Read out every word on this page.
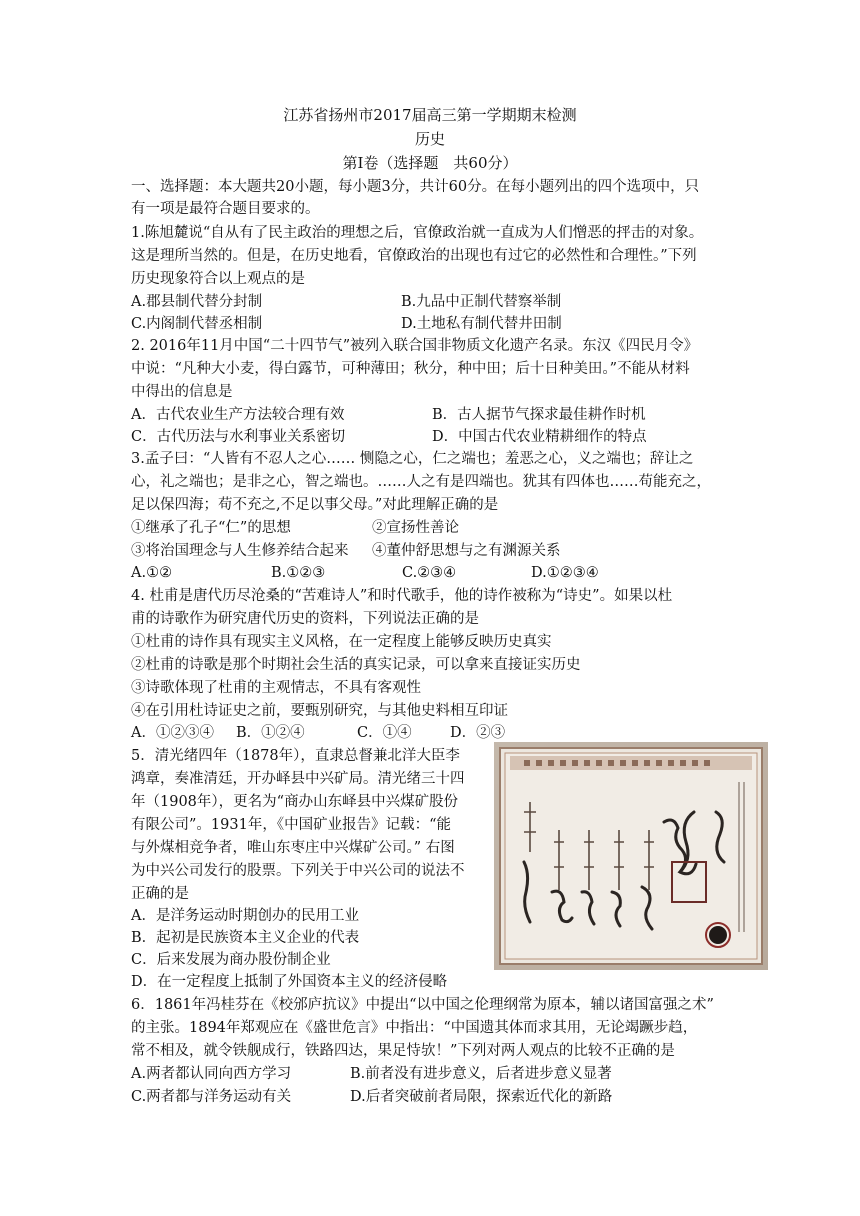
江苏省扬州市2017届高三第一学期期末检测
历史
第Ⅰ卷（选择题　共60分）
一、选择题：本大题共20小题，每小题3分，共计60分。在每小题列出的四个选项中，只
有一项是最符合题目要求的。
1.陈旭麓说“自从有了民主政治的理想之后，官僚政治就一直成为人们憎恶的抨击的对象。
这是理所当然的。但是，在历史地看，官僚政治的出现也有过它的必然性和合理性。”下列
历史现象符合以上观点的是
A.郡县制代替分封制	B.九品中正制代替察举制
C.内阁制代替丞相制	D.土地私有制代替井田制
2. 2016年11月中国“二十四节气”被列入联合国非物质文化遗产名录。东汉《四民月令》
中说：“凡种大小麦，得白露节，可种薄田；秋分，种中田；后十日种美田。”不能从材料
中得出的信息是
A．古代农业生产方法较合理有效	B．古人据节气探求最佳耕作时机
C．古代历法与水利事业关系密切	D．中国古代农业精耕细作的特点
3.孟子曰：“人皆有不忍人之心…… 恻隐之心，仁之端也；羞恶之心，义之端也；辞让之
心，礼之端也；是非之心，智之端也。……人之有是四端也。犹其有四体也……苟能充之，
足以保四海；苟不充之,不足以事父母。”对此理解正确的是
①继承了孔子“仁”的思想	②宣扬性善论
③将治国理念与人生修养结合起来 ④董仲舒思想与之有渊源关系
A.①②	B.①②③	C.②③④	D.①②③④
4. 杜甫是唐代历尽沧桑的“苦难诗人”和时代歌手，他的诗作被称为“诗史”。如果以杜
甫的诗歌作为研究唐代历史的资料，下列说法正确的是
①杜甫的诗作具有现实主义风格，在一定程度上能够反映历史真实
②杜甫的诗歌是那个时期社会生活的真实记录，可以拿来直接证实历史
③诗歌体现了杜甫的主观情志，不具有客观性
④在引用杜诗证史之前，要甄别研究，与其他史料相互印证
A．①②③④ B．①②④	C．①④	D．②③
5．清光绪四年（1878年），直隶总督兼北洋大臣李
鸿章，奏准清廷，开办峄县中兴矿局。清光绪三十四
年（1908年），更名为“商办山东峄县中兴煤矿股份
有限公司”。1931年，《中国矿业报告》记载：“能
与外煤相竞争者，唯山东枣庄中兴煤矿公司。” 右图
为中兴公司发行的股票。下列关于中兴公司的说法不
正确的是
A．是洋务运动时期创办的民用工业
B．起初是民族资本主义企业的代表
C．后来发展为商办股份制企业
D．在一定程度上抵制了外国资本主义的经济侵略
6．1861年冯桂芬在《校邠庐抗议》中提出“以中国之伦理纲常为原本，辅以诸国富强之术”
的主张。1894年郑观应在《盛世危言》中指出：“中国遗其体而求其用，无论竭蹶步趋，
常不相及，就令铁舰成行，铁路四达，果足恃欤！”下列对两人观点的比较不正确的是
A.两者都认同向西方学习	B.前者没有进步意义，后者进步意义显著
C.两者都与洋务运动有关	D.后者突破前者局限，探索近代化的新路
